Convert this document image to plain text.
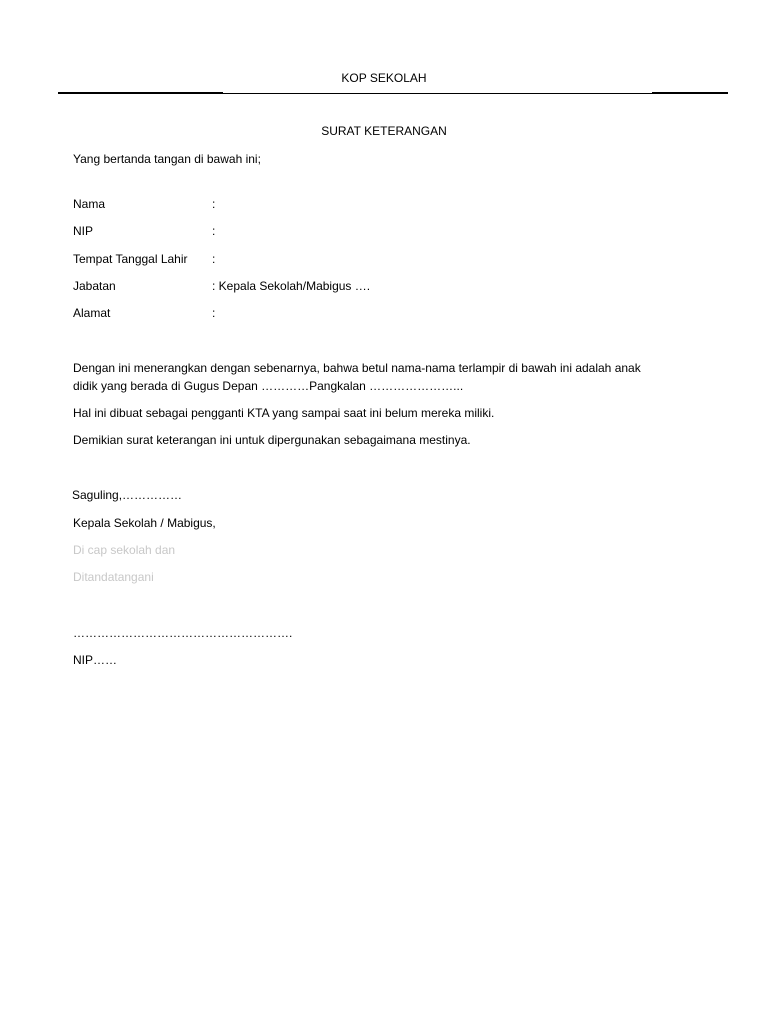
KOP SEKOLAH
SURAT KETERANGAN
Yang bertanda tangan di bawah ini;
Nama	:
NIP	:
Tempat Tanggal Lahir :
Jabatan	: Kepala Sekolah/Mabigus ….
Alamat	:
Dengan ini menerangkan dengan sebenarnya, bahwa betul nama-nama terlampir di bawah ini adalah anak
didik yang berada di Gugus Depan …………Pangkalan …………………...
Hal ini dibuat sebagai pengganti KTA yang sampai saat ini belum mereka miliki.
Demikian surat keterangan ini untuk dipergunakan sebagaimana mestinya.
Saguling,……………
Kepala Sekolah / Mabigus,
Di cap sekolah dan
Ditandatangani
……………………………………………….
NIP……
